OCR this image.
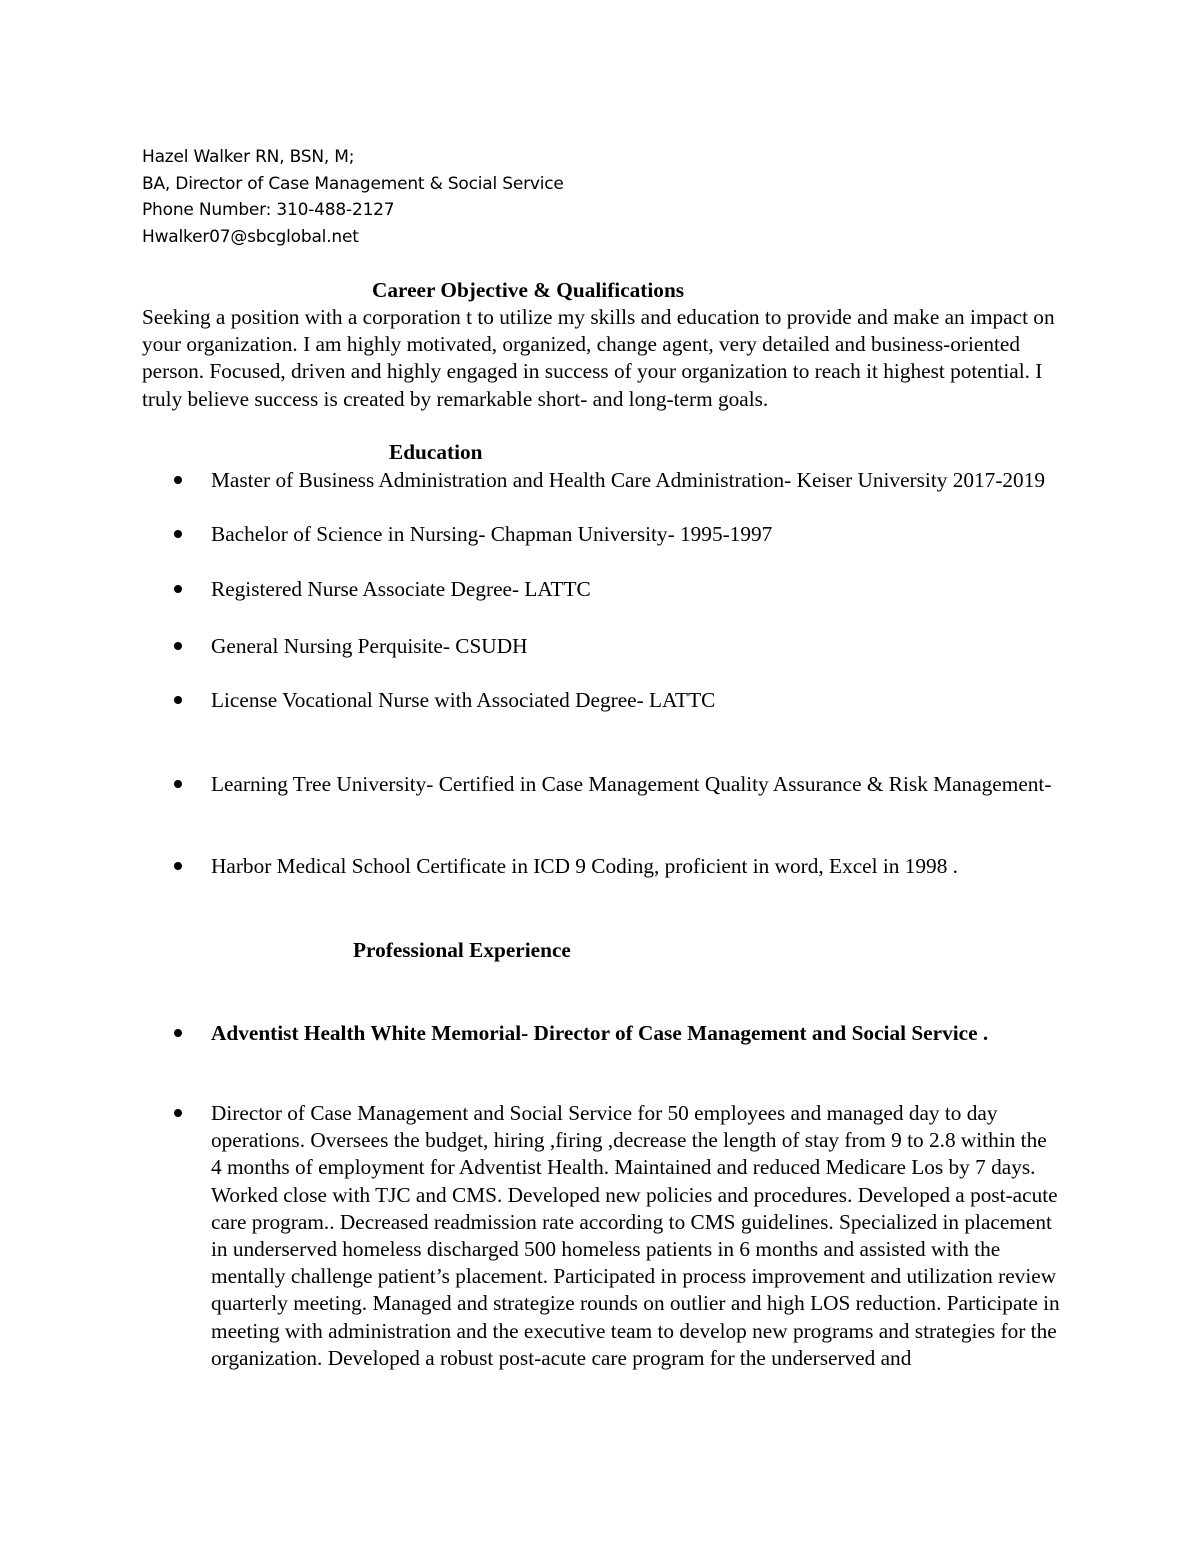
Hazel Walker RN, BSN, M;
BA, Director of Case Management & Social Service
Phone Number: 310-488-2127
Hwalker07@sbcglobal.net
Career Objective & Qualifications
Seeking a position with a corporation t to utilize my skills and education to provide and make an impact on your organization. I am highly motivated, organized, change agent, very detailed and business-oriented person. Focused, driven and highly engaged in success of your organization to reach it highest potential. I truly believe success is created by remarkable short- and long-term goals.
Education
Master of Business Administration and Health Care Administration- Keiser University 2017-2019
Bachelor of Science in Nursing- Chapman University- 1995-1997
Registered Nurse Associate Degree- LATTC
General Nursing Perquisite- CSUDH
License Vocational Nurse with Associated Degree- LATTC
Learning Tree University- Certified in Case Management Quality Assurance & Risk Management-
Harbor Medical School Certificate in ICD 9 Coding, proficient in word, Excel in 1998 .
Professional Experience
Adventist Health White Memorial- Director of Case Management and Social Service .
Director of Case Management and Social Service for 50 employees and managed day to day operations. Oversees the budget, hiring ,firing ,decrease the length of stay from 9 to 2.8 within the 4 months of employment for Adventist Health. Maintained and reduced Medicare Los by 7 days. Worked close with TJC and CMS. Developed new policies and procedures. Developed a post-acute care program.. Decreased readmission rate according to CMS guidelines. Specialized in placement in underserved homeless discharged 500 homeless patients in 6 months and assisted with the mentally challenge patient’s placement. Participated in process improvement and utilization review quarterly meeting. Managed and strategize rounds on outlier and high LOS reduction. Participate in meeting with administration and the executive team to develop new programs and strategies for the organization. Developed a robust post-acute care program for the underserved and
